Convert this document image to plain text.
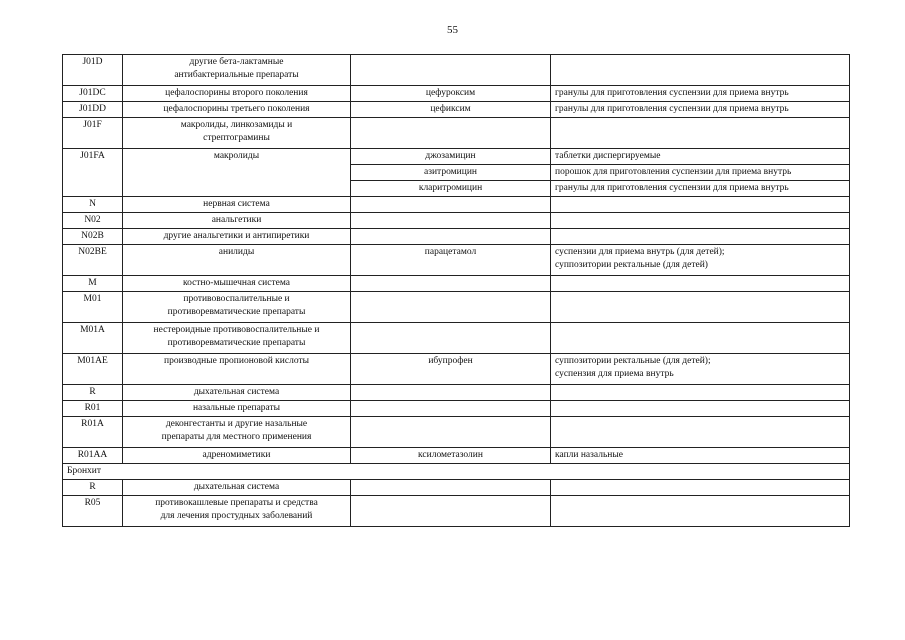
55
J01D	другие бета-лактамные
антибактериальные препараты		
J01DC	цефалоспорины второго поколения	цефуроксим	гранулы для приготовления суспензии для приема внутрь
J01DD	цефалоспорины третьего поколения	цефиксим	гранулы для приготовления суспензии для приема внутрь
J01F	макролиды, линкозамиды и
стрептограмины		
J01FA	макролиды	джозамицин	таблетки диспергируемые
		азитромицин	порошок для приготовления суспензии для приема внутрь
		кларитромицин	гранулы для приготовления суспензии для приема внутрь
N	нервная система		
N02	анальгетики		
N02B	другие анальгетики и антипиретики		
N02BE	анилиды	парацетамол	суспензии для приема внутрь (для детей);
суппозитории ректальные (для детей)
M	костно-мышечная система		
M01	противовоспалительные и
противоревматические препараты		
M01A	нестероидные противовоспалительные и
противоревматические препараты		
M01AE	производные пропионовой кислоты	ибупрофен	суппозитории ректальные (для детей);
суспензия для приема внутрь
R	дыхательная система		
R01	назальные препараты		
R01A	деконгестанты и другие назальные
препараты для местного применения		
R01AA	адреномиметики	ксилометазолин	капли назальные
Бронхит			
R	дыхательная система		
R05	противокашлевые препараты и средства
для лечения простудных заболеваний		
